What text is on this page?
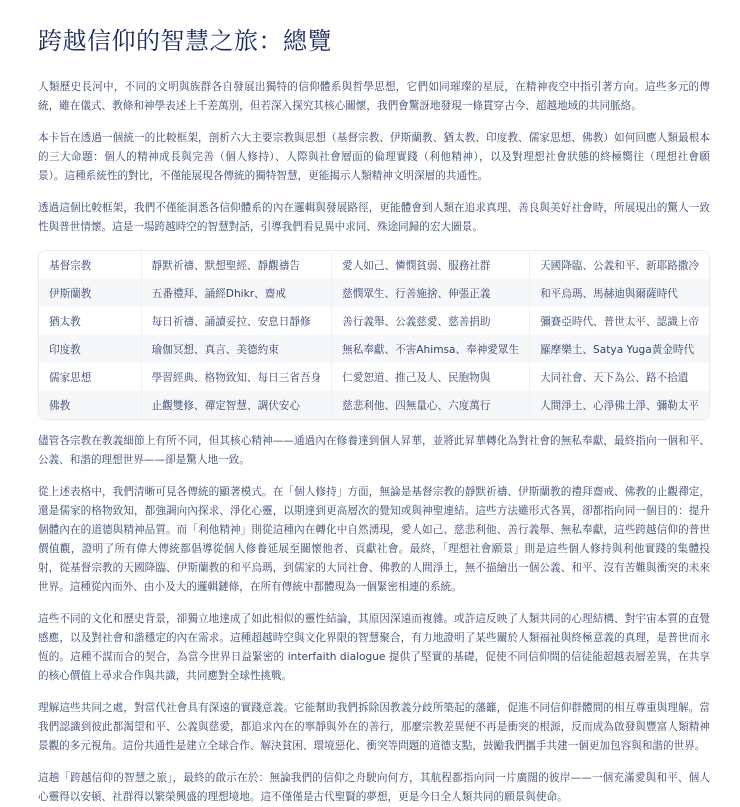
跨越信仰的智慧之旅：總覽

人類歷史長河中，不同的文明與族群各自發展出獨特的信仰體系與哲學思想，它們如同璀璨的星辰，在精神夜空中指引著方向。這些多元的傳統，雖在儀式、教條和神學表述上千差萬別，但若深入探究其核心關懷，我們會驚訝地發現一條貫穿古今、超越地域的共同脈絡。

本卡旨在透過一個統一的比較框架，剖析六大主要宗教與思想（基督宗教、伊斯蘭教、猶太教、印度教、儒家思想、佛教）如何回應人類最根本的三大命題：個人的精神成長與完善（個人修持）、人際與社會層面的倫理實踐（利他精神），以及對理想社會狀態的終極嚮往（理想社會願景）。這種系統性的對比，不僅能展現各傳統的獨特智慧，更能揭示人類精神文明深層的共通性。

透過這個比較框架，我們不僅能洞悉各信仰體系的內在邏輯與發展路徑，更能體會到人類在追求真理、善良與美好社會時，所展現出的驚人一致性與普世情懷。這是一場跨越時空的智慧對話，引導我們看見異中求同、殊途同歸的宏大圖景。

基督宗教	靜默祈禱、默想聖經、靜觀禱告	愛人如己、憐憫貧弱、服務社群	天國降臨、公義和平、新耶路撒冷
伊斯蘭教	五番禮拜、誦經Dhikr、齋戒	慈憫眾生、行善施捨、伸張正義	和平烏瑪、馬赫迪與爾薩時代
猶太教	每日祈禱、誦讀妥拉、安息日靜修	善行義舉、公義慈愛、慈善捐助	彌賽亞時代、普世太平、認識上帝
印度教	瑜伽冥想、真言、美德約束	無私奉獻、不害Ahimsa、奉神愛眾生	羅摩樂土、Satya Yuga黃金時代
儒家思想	學習經典、格物致知、每日三省吾身	仁愛恕道、推己及人、民胞物與	大同社會、天下為公、路不拾遺
佛教	止觀雙修、禪定智慧、調伏安心	慈悲利他、四無量心、六度萬行	人間淨土、心淨佛土淨、彌勒太平

儘管各宗教在教義細節上有所不同，但其核心精神——通過內在修養達到個人昇華，並將此昇華轉化為對社會的無私奉獻，最終指向一個和平、公義、和諧的理想世界——卻是驚人地一致。

從上述表格中，我們清晰可見各傳統的顯著模式。在「個人修持」方面，無論是基督宗教的靜默祈禱、伊斯蘭教的禮拜齋戒、佛教的止觀禪定，還是儒家的格物致知，都強調向內探求、淨化心靈，以期達到更高層次的覺知或與神聖連結。這些方法雖形式各異，卻都指向同一個目的：提升個體內在的道德與精神品質。而「利他精神」則從這種內在轉化中自然湧現，愛人如己、慈悲利他、善行義舉、無私奉獻，這些跨越信仰的普世價值觀，證明了所有偉大傳統都倡導從個人修養延展至關懷他者、貢獻社會。最終，「理想社會願景」則是這些個人修持與利他實踐的集體投射，從基督宗教的天國降臨、伊斯蘭教的和平烏瑪，到儒家的大同社會、佛教的人間淨土，無不描繪出一個公義、和平、沒有苦難與衝突的未來世界。這種從內而外、由小及大的邏輯鏈條，在所有傳統中都體現為一個緊密相連的系統。

這些不同的文化和歷史背景，卻獨立地達成了如此相似的靈性結論，其原因深遠而複雜。或許這反映了人類共同的心理結構、對宇宙本質的直覺感應，以及對社會和諧穩定的內在需求。這種超越時空與文化界限的智慧聚合，有力地證明了某些關於人類福祉與終極意義的真理，是普世而永恆的。這種不謀而合的契合，為當今世界日益緊密的 interfaith dialogue 提供了堅實的基礎，促使不同信仰間的信徒能超越表層差異，在共享的核心價值上尋求合作與共識，共同應對全球性挑戰。

理解這些共同之處，對當代社會具有深遠的實踐意義。它能幫助我們拆除因教義分歧所築起的藩籬，促進不同信仰群體間的相互尊重與理解。當我們認識到彼此都渴望和平、公義與慈愛，都追求內在的寧靜與外在的善行，那麼宗教差異便不再是衝突的根源，反而成為啟發與豐富人類精神景觀的多元視角。這份共通性是建立全球合作、解決貧困、環境惡化、衝突等問題的道德支點，鼓勵我們攜手共建一個更加包容與和諧的世界。

這趟「跨越信仰的智慧之旅」，最終的啟示在於：無論我們的信仰之舟駛向何方，其航程都指向同一片廣闊的彼岸——一個充滿愛與和平、個人心靈得以安頓、社群得以繁榮興盛的理想境地。這不僅僅是古代聖賢的夢想，更是今日全人類共同的願景與使命。
